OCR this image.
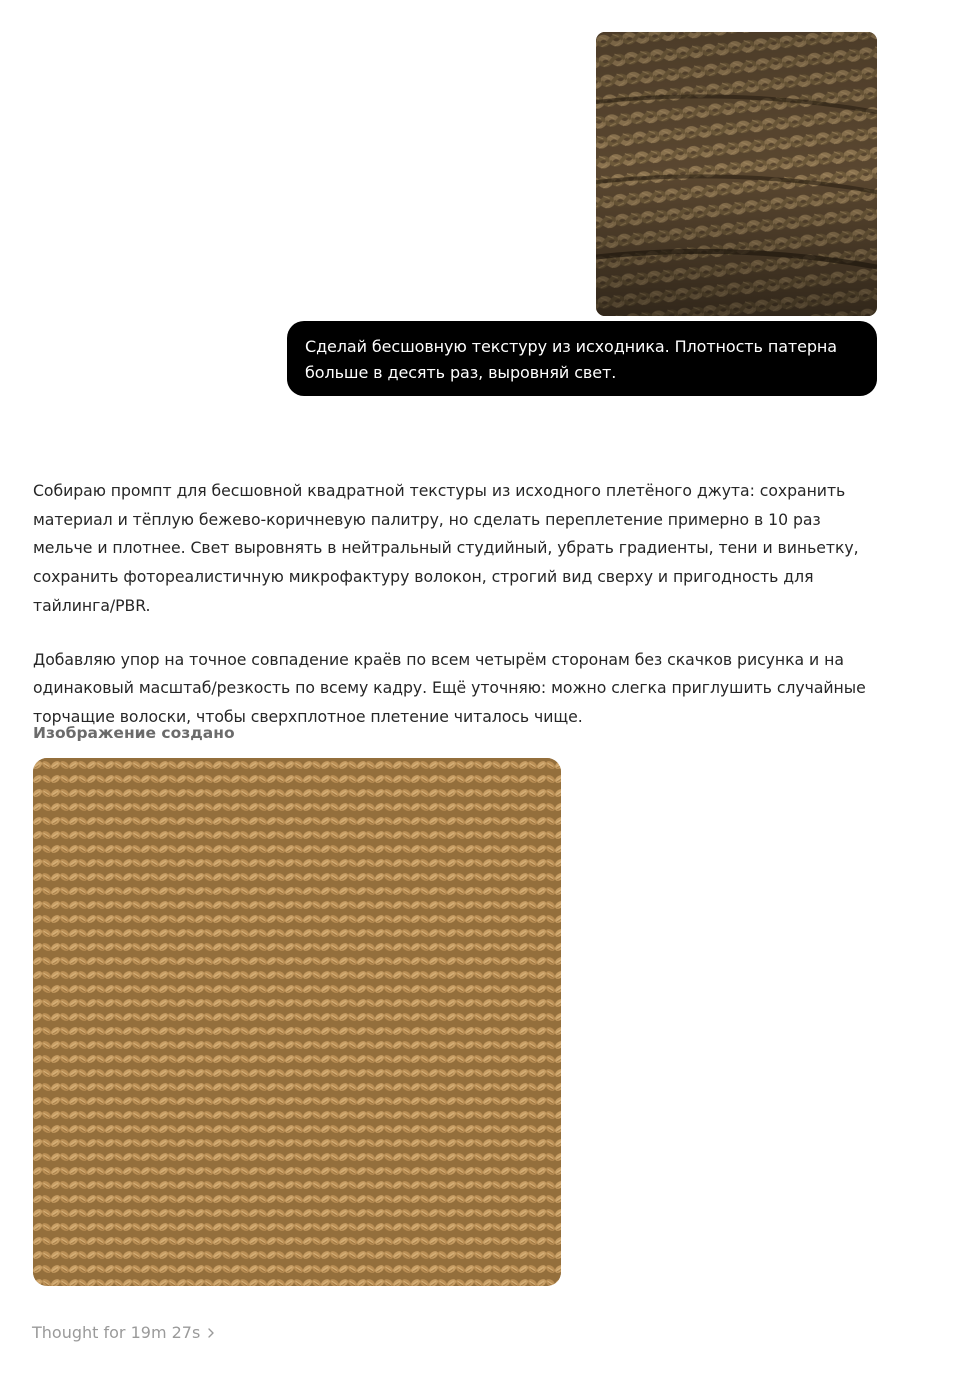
Сделай бесшовную текстуру из исходника. Плотность патерна больше в десять раз, выровняй свет.

Собираю промпт для бесшовной квадратной текстуры из исходного плетёного джута: сохранить материал и тёплую бежево-коричневую палитру, но сделать переплетение примерно в 10 раз мельче и плотнее. Свет выровнять в нейтральный студийный, убрать градиенты, тени и виньетку, сохранить фотореалистичную микрофактуру волокон, строгий вид сверху и пригодность для тайлинга/PBR.

Добавляю упор на точное совпадение краёв по всем четырём сторонам без скачков рисунка и на одинаковый масштаб/резкость по всему кадру. Ещё уточняю: можно слегка приглушить случайные торчащие волоски, чтобы сверхплотное плетение читалось чище.

Изображение создано
Thought for 19m 27s
